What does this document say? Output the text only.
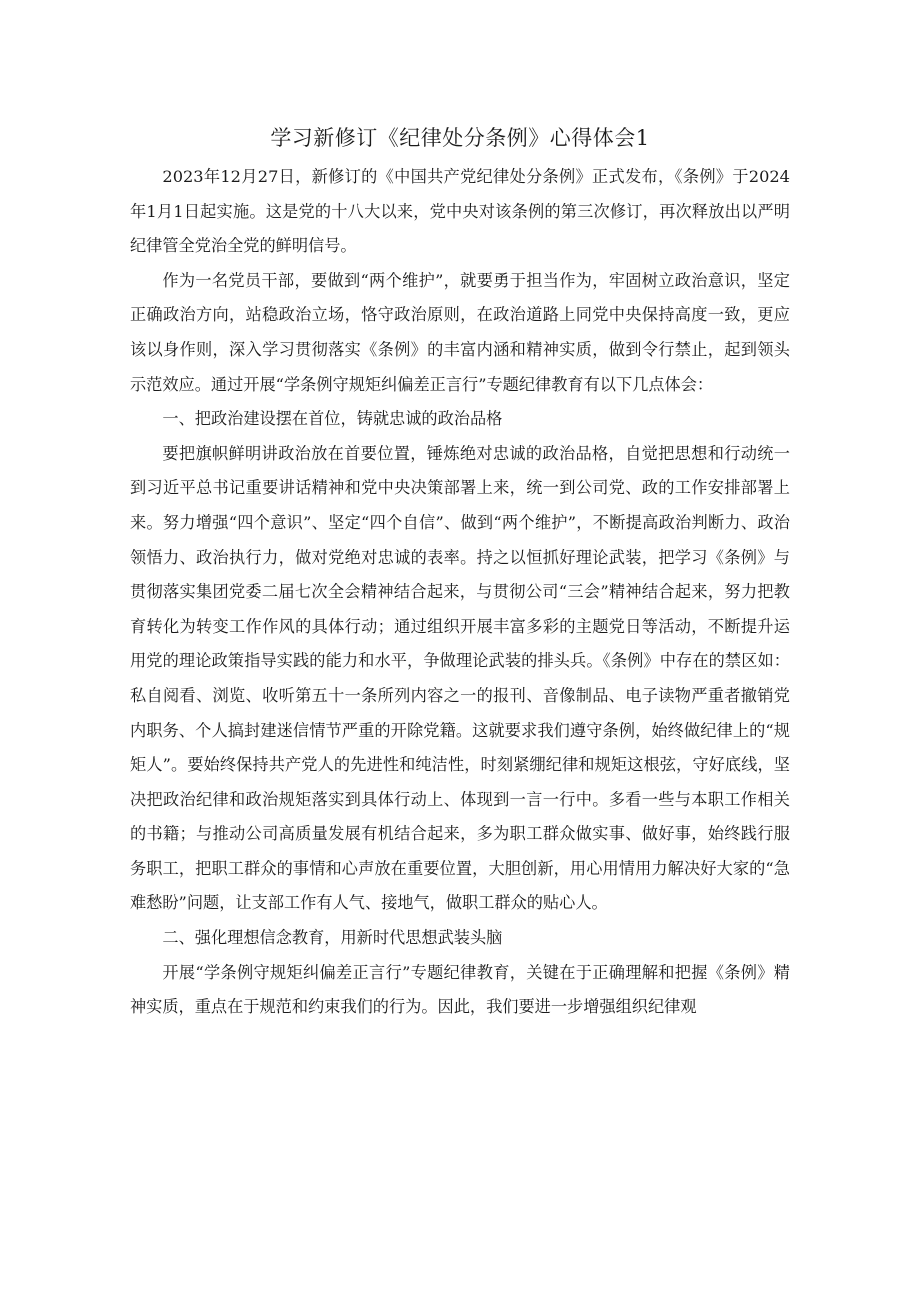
学习新修订《纪律处分条例》心得体会1

2023年12月27日，新修订的《中国共产党纪律处分条例》正式发布，《条例》于2024年1月1日起实施。这是党的十八大以来，党中央对该条例的第三次修订，再次释放出以严明纪律管全党治全党的鲜明信号。

作为一名党员干部，要做到“两个维护”，就要勇于担当作为，牢固树立政治意识，坚定正确政治方向，站稳政治立场，恪守政治原则，在政治道路上同党中央保持高度一致，更应该以身作则，深入学习贯彻落实《条例》的丰富内涵和精神实质，做到令行禁止，起到领头示范效应。通过开展“学条例守规矩纠偏差正言行”专题纪律教育有以下几点体会：

一、把政治建设摆在首位，铸就忠诚的政治品格

要把旗帜鲜明讲政治放在首要位置，锤炼绝对忠诚的政治品格，自觉把思想和行动统一到习近平总书记重要讲话精神和党中央决策部署上来，统一到公司党、政的工作安排部署上来。努力增强“四个意识”、坚定“四个自信”、做到“两个维护”，不断提高政治判断力、政治领悟力、政治执行力，做对党绝对忠诚的表率。持之以恒抓好理论武装，把学习《条例》与贯彻落实集团党委二届七次全会精神结合起来，与贯彻公司“三会”精神结合起来，努力把教育转化为转变工作作风的具体行动；通过组织开展丰富多彩的主题党日等活动，不断提升运用党的理论政策指导实践的能力和水平，争做理论武装的排头兵。《条例》中存在的禁区如：私自阅看、浏览、收听第五十一条所列内容之一的报刊、音像制品、电子读物严重者撤销党内职务、个人搞封建迷信情节严重的开除党籍。这就要求我们遵守条例，始终做纪律上的“规矩人”。要始终保持共产党人的先进性和纯洁性，时刻紧绷纪律和规矩这根弦，守好底线，坚决把政治纪律和政治规矩落实到具体行动上、体现到一言一行中。多看一些与本职工作相关的书籍；与推动公司高质量发展有机结合起来，多为职工群众做实事、做好事，始终践行服务职工，把职工群众的事情和心声放在重要位置，大胆创新，用心用情用力解决好大家的“急难愁盼”问题，让支部工作有人气、接地气，做职工群众的贴心人。

二、强化理想信念教育，用新时代思想武装头脑

开展“学条例守规矩纠偏差正言行”专题纪律教育，关键在于正确理解和把握《条例》精神实质，重点在于规范和约束我们的行为。因此，我们要进一步增强组织纪律观
